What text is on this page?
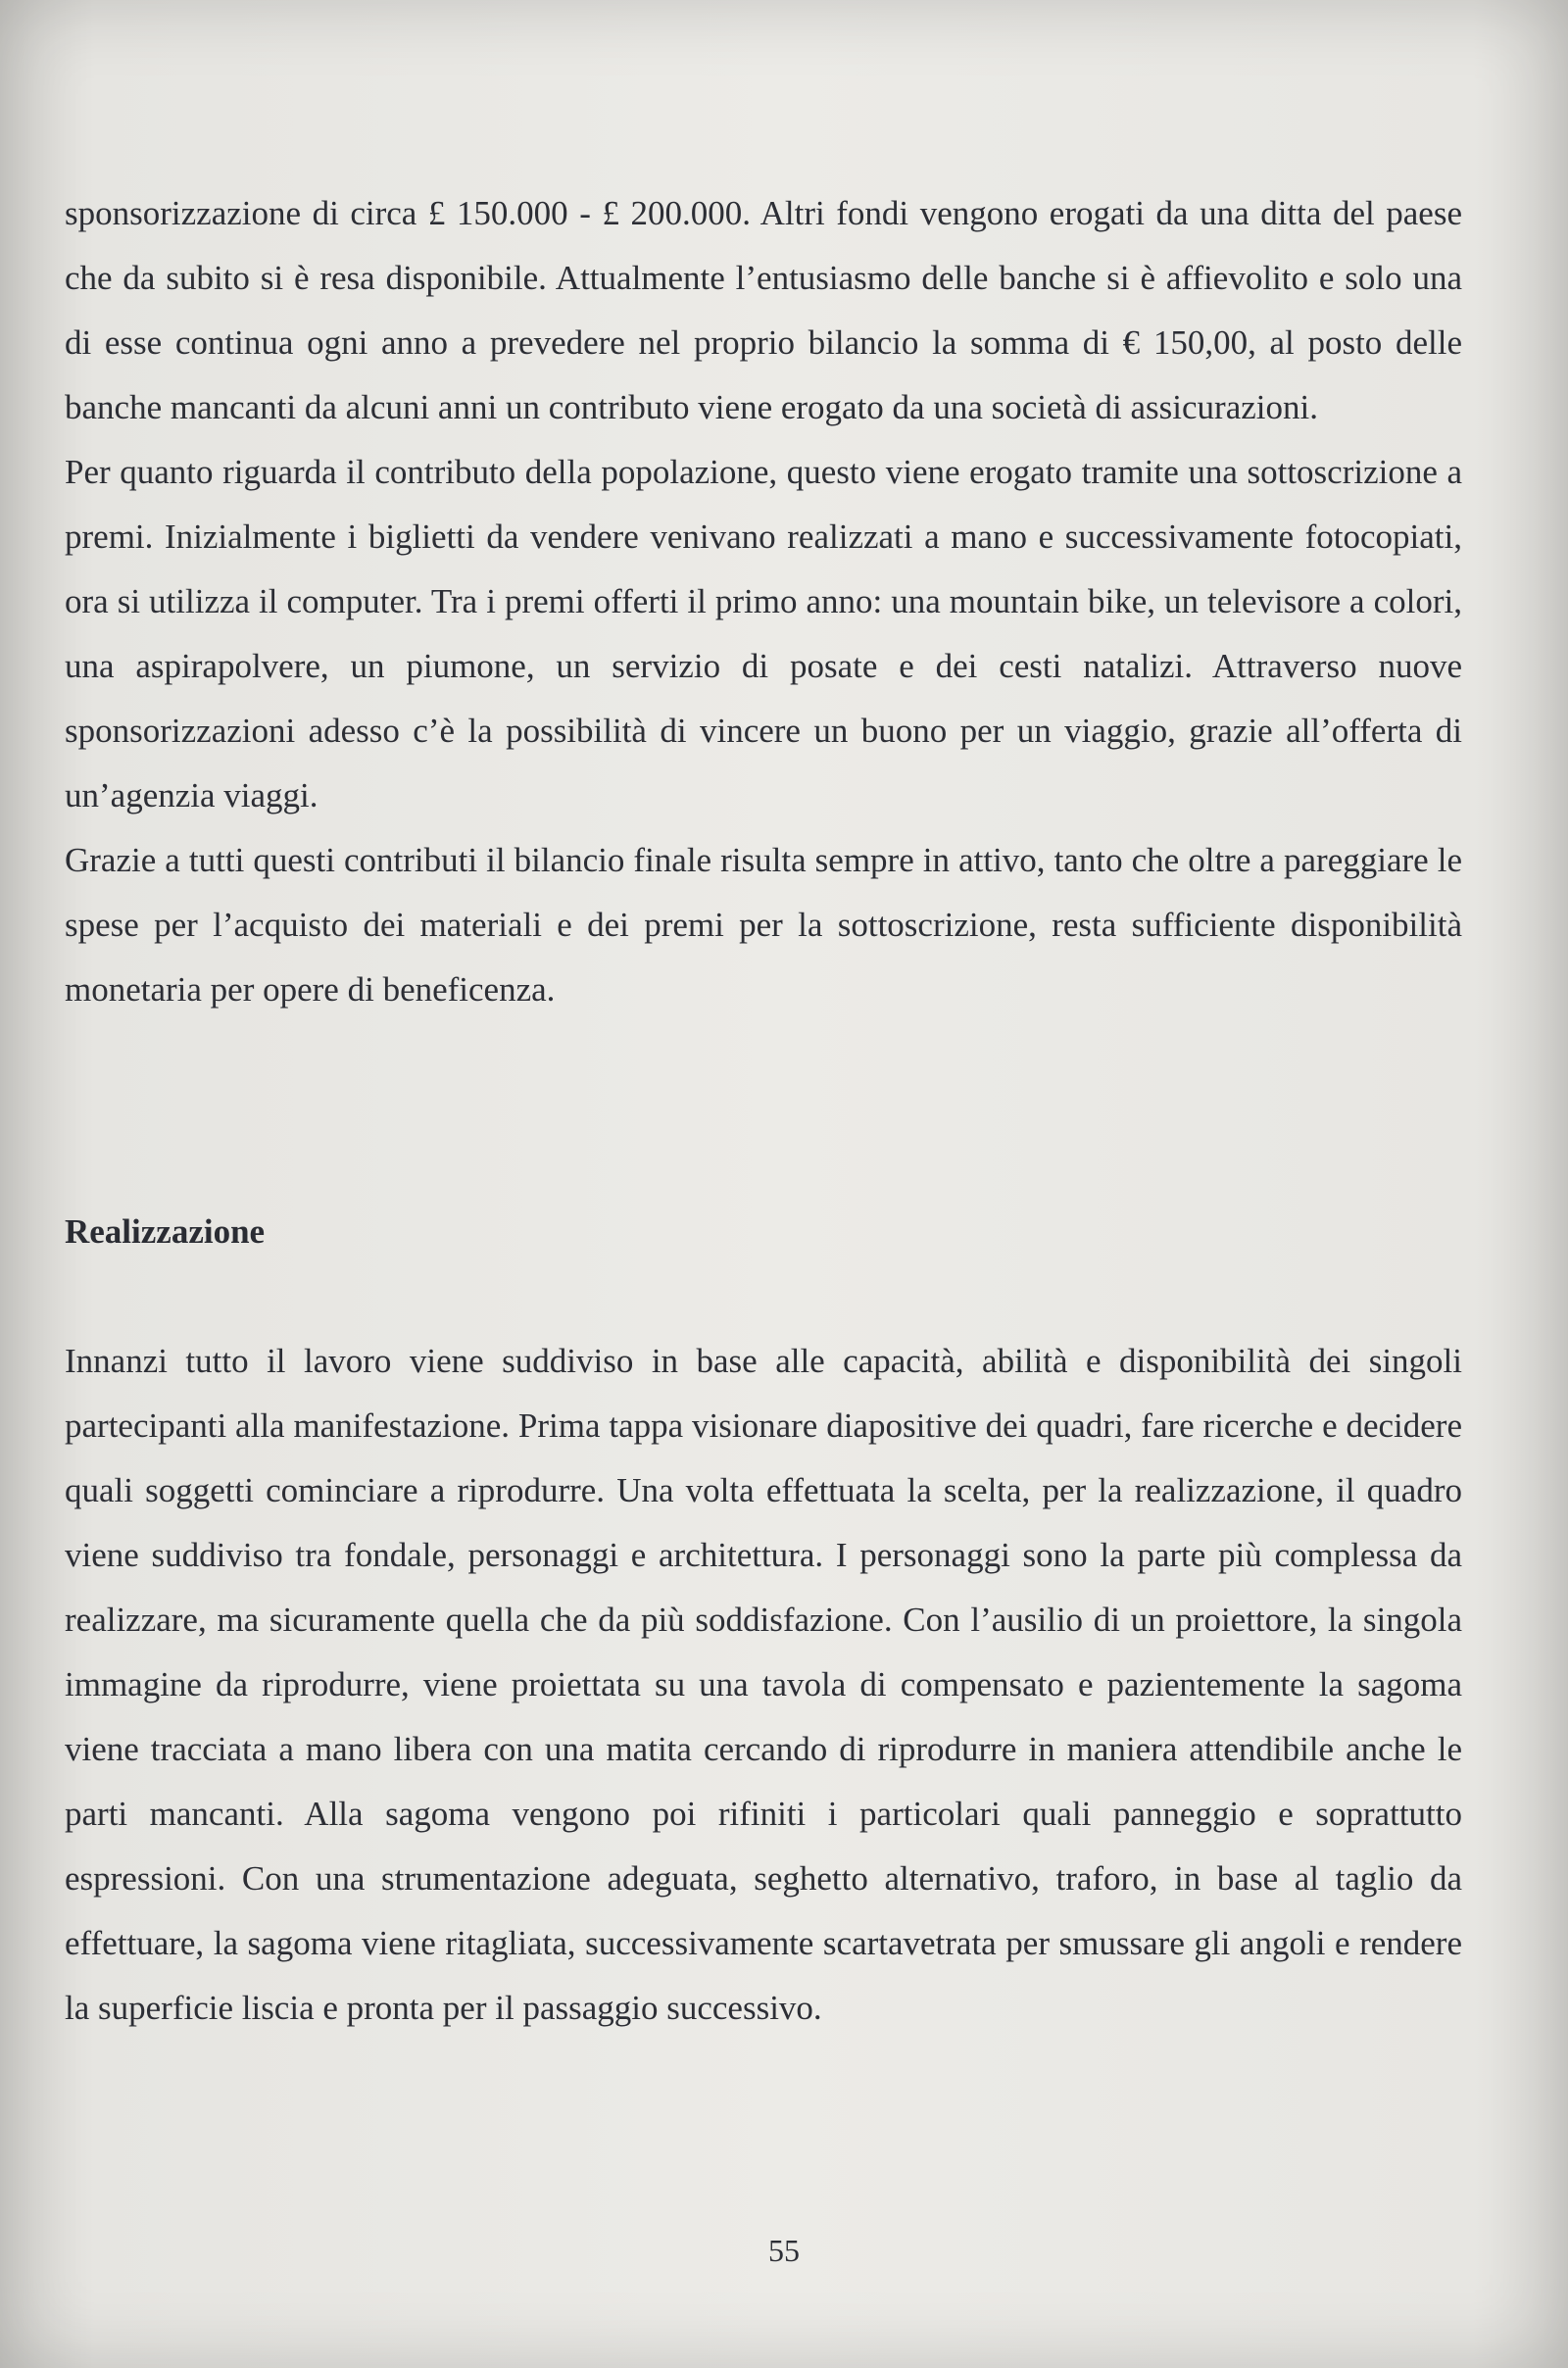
sponsorizzazione di circa £ 150.000 - £ 200.000. Altri fondi vengono erogati da una ditta del paese che da subito si è resa disponibile. Attualmente l’entusiasmo delle banche si è affievolito e solo una di esse continua ogni anno a prevedere nel proprio bilancio la somma di € 150,00, al posto delle banche mancanti da alcuni anni un contributo viene erogato da una società di assicurazioni.

Per quanto riguarda il contributo della popolazione, questo viene erogato tramite una sottoscrizione a premi. Inizialmente i biglietti da vendere venivano realizzati a mano e successivamente fotocopiati, ora si utilizza il computer. Tra i premi offerti il primo anno: una mountain bike, un televisore a colori, una aspirapolvere, un piumone, un servizio di posate e dei cesti natalizi. Attraverso nuove sponsorizzazioni adesso c’è la possibilità di vincere un buono per un viaggio, grazie all’offerta di un’agenzia viaggi.

Grazie a tutti questi contributi il bilancio finale risulta sempre in attivo, tanto che oltre a pareggiare le spese per l’acquisto dei materiali e dei premi per la sottoscrizione, resta sufficiente disponibilità monetaria per opere di beneficenza.

Realizzazione

Innanzi tutto il lavoro viene suddiviso in base alle capacità, abilità e disponibilità dei singoli partecipanti alla manifestazione. Prima tappa visionare diapositive dei quadri, fare ricerche e decidere quali soggetti cominciare a riprodurre. Una volta effettuata la scelta, per la realizzazione, il quadro viene suddiviso tra fondale, personaggi e architettura. I personaggi sono la parte più complessa da realizzare, ma sicuramente quella che da più soddisfazione. Con l’ausilio di un proiettore, la singola immagine da riprodurre, viene proiettata su una tavola di compensato e pazientemente la sagoma viene tracciata a mano libera con una matita cercando di riprodurre in maniera attendibile anche le parti mancanti. Alla sagoma vengono poi rifiniti i particolari quali panneggio e soprattutto espressioni. Con una strumentazione adeguata, seghetto alternativo, traforo, in base al taglio da effettuare, la sagoma viene ritagliata, successivamente scartavetrata per smussare gli angoli e rendere la superficie liscia e pronta per il passaggio successivo.

55
